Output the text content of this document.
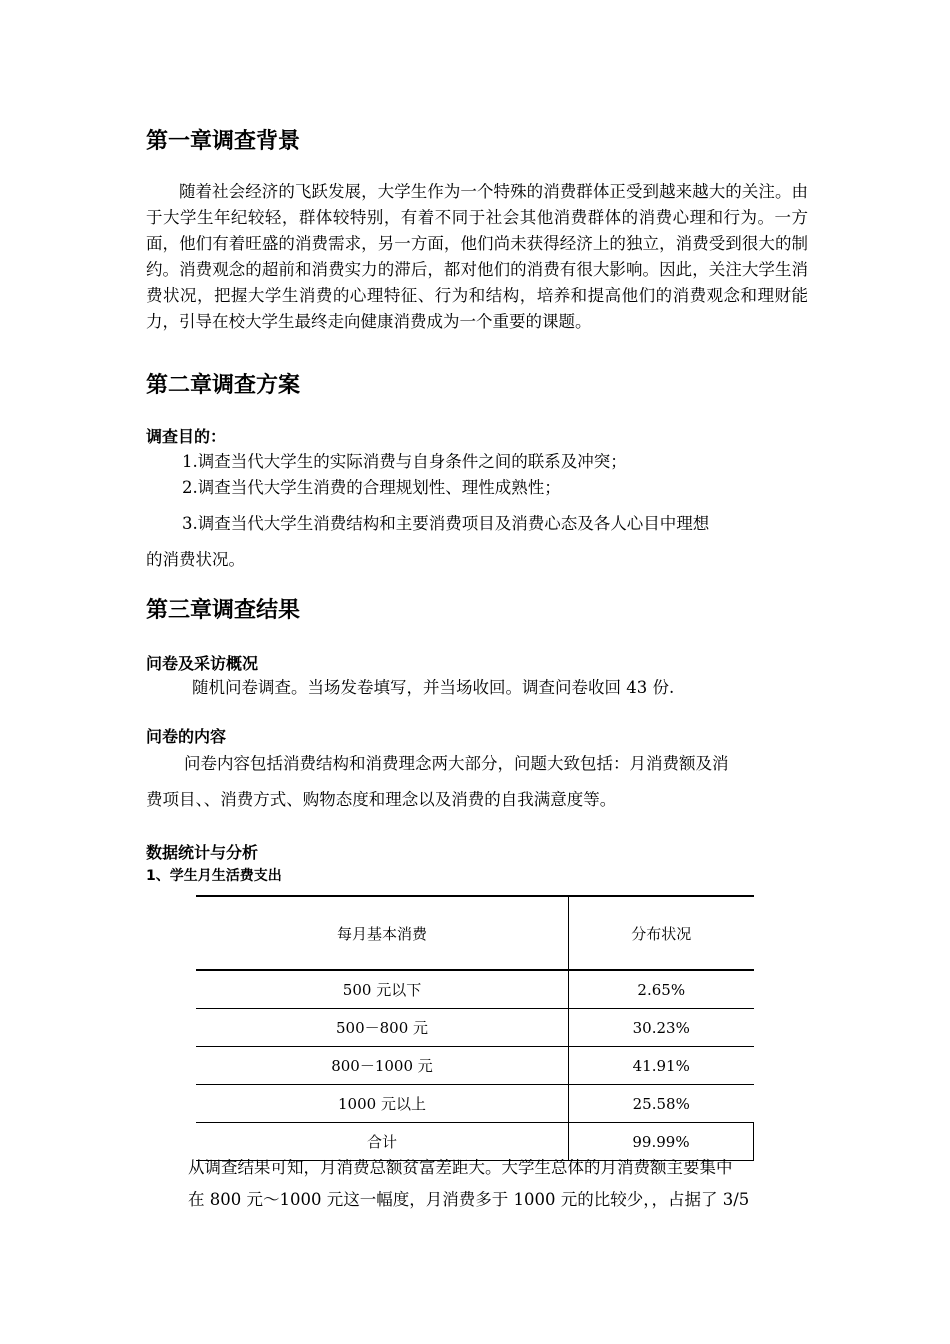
第一章调查背景

随着社会经济的飞跃发展，大学生作为一个特殊的消费群体正受到越来越大的关注。由于大学生年纪较轻，群体较特别，有着不同于社会其他消费群体的消费心理和行为。一方面，他们有着旺盛的消费需求，另一方面，他们尚未获得经济上的独立，消费受到很大的制约。消费观念的超前和消费实力的滞后，都对他们的消费有很大影响。因此，关注大学生消费状况，把握大学生消费的心理特征、行为和结构，培养和提高他们的消费观念和理财能力，引导在校大学生最终走向健康消费成为一个重要的课题。

第二章调查方案
调查目的：

1.调查当代大学生的实际消费与自身条件之间的联系及冲突；

2.调查当代大学生消费的合理规划性、理性成熟性；

3.调查当代大学生消费结构和主要消费项目及消费心态及各人心目中理想

的消费状况。

第三章调查结果
问卷及采访概况

随机问卷调查。当场发卷填写，并当场收回。调查问卷收回 43 份.

问卷的内容

问卷内容包括消费结构和消费理念两大部分，问题大致包括：月消费额及消

费项目、、消费方式、购物态度和理念以及消费的自我满意度等。

数据统计与分析
1、学生月生活费支出
每月基本消费	分布状况
500 元以下	2.65%
500－800 元	30.23%
800－1000 元	41.91%
1000 元以上	25.58%
合计	99.99%

从调查结果可知，月消费总额贫富差距大。大学生总体的月消费额主要集中

在 800 元～1000 元这一幅度，月消费多于 1000 元的比较少，，占据了 3/5
